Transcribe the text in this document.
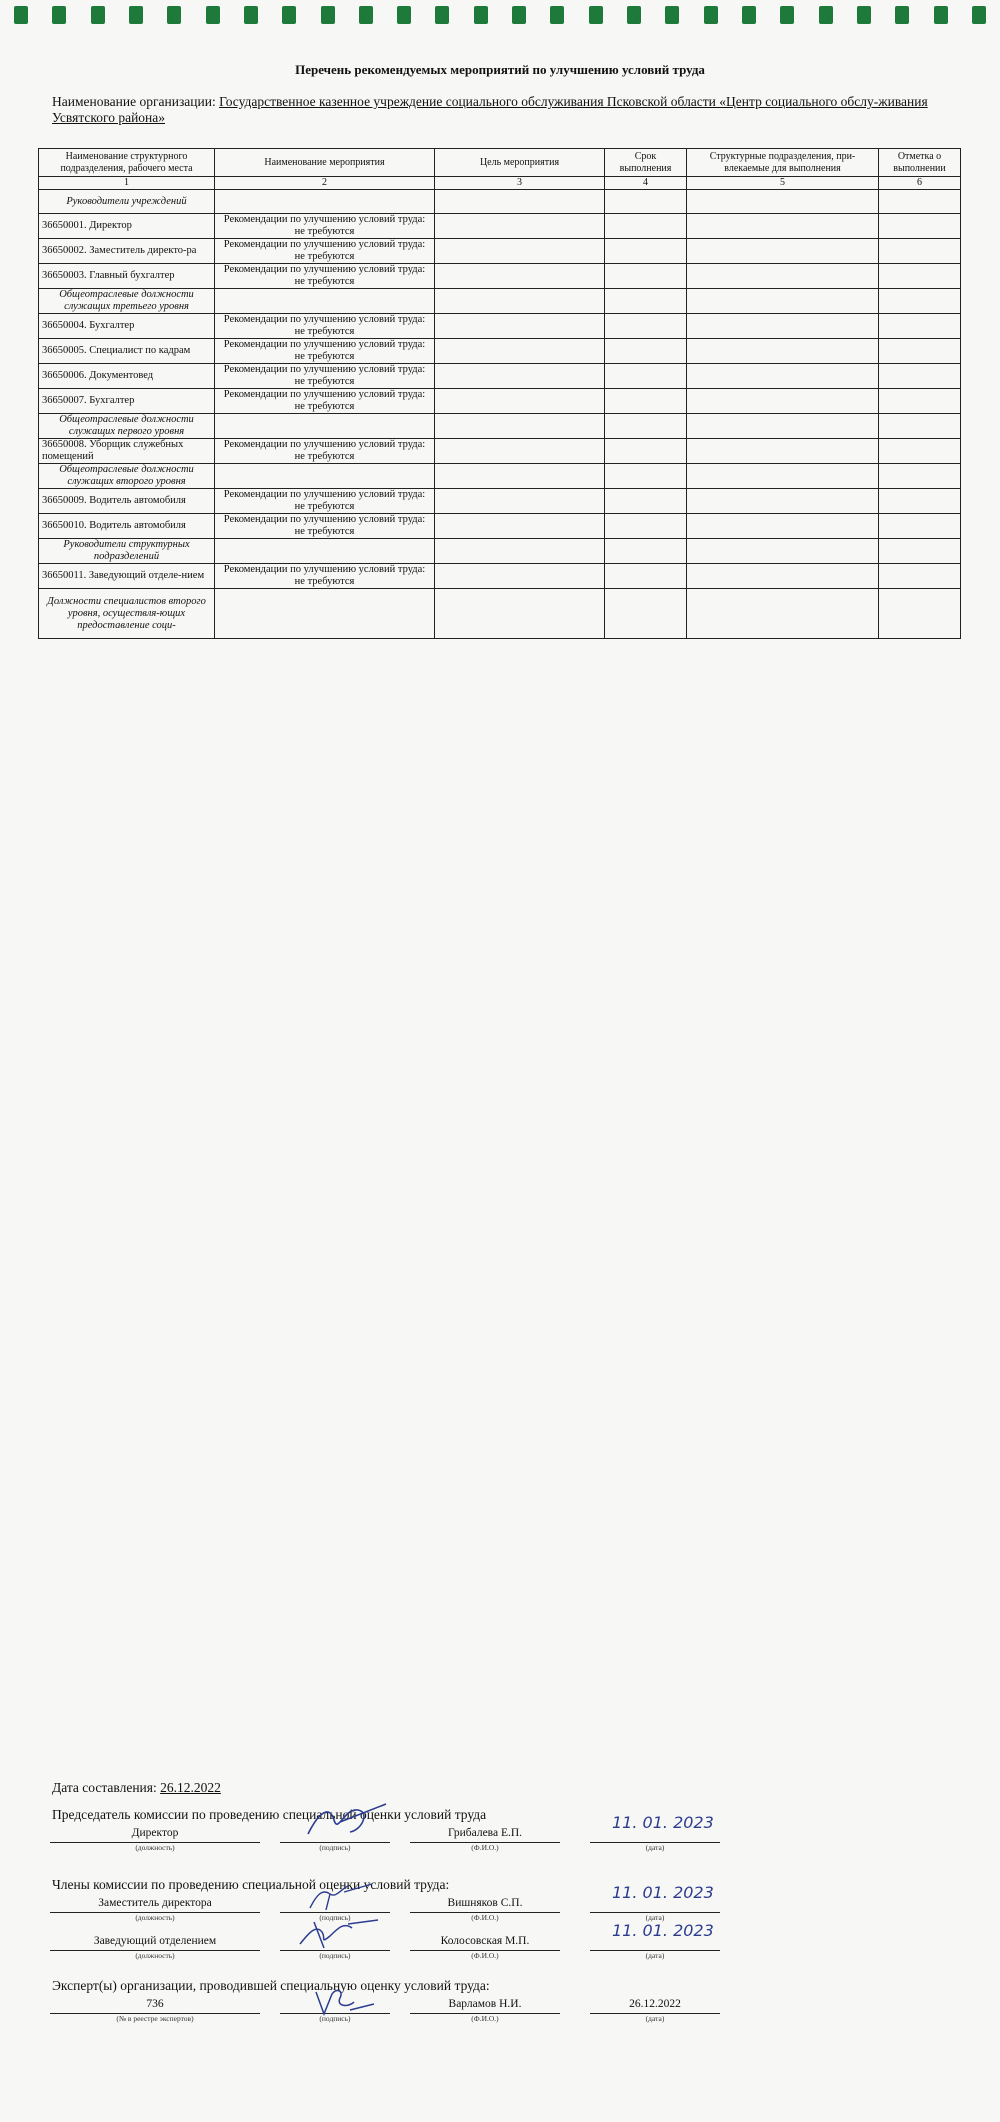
Перечень рекомендуемых мероприятий по улучшению условий труда
Наименование организации: Государственное казенное учреждение социального обслуживания Псковской области «Центр социального обслу-живания Усвятского района»
Наименование структурного подразделения, рабочего места	Наименование мероприятия	Цель мероприятия	Срок выполнения	Структурные подразделения, при-влекаемые для выполнения	Отметка о выполнении
1	2	3	4	5	6
Руководители учреждений					
36650001. Директор	Рекомендации по улучшению условий труда: не требуются				
36650002. Заместитель директо-ра	Рекомендации по улучшению условий труда: не требуются				
36650003. Главный бухгалтер	Рекомендации по улучшению условий труда: не требуются				
Общеотраслевые должности служащих третьего уровня					
36650004. Бухгалтер	Рекомендации по улучшению условий труда: не требуются				
36650005. Специалист по кадрам	Рекомендации по улучшению условий труда: не требуются				
36650006. Документовед	Рекомендации по улучшению условий труда: не требуются				
36650007. Бухгалтер	Рекомендации по улучшению условий труда: не требуются				
Общеотраслевые должности служащих первого уровня					
36650008. Уборщик служебных помещений	Рекомендации по улучшению условий труда: не требуются				
Общеотраслевые должности служащих второго уровня					
36650009. Водитель автомобиля	Рекомендации по улучшению условий труда: не требуются				
36650010. Водитель автомобиля	Рекомендации по улучшению условий труда: не требуются				
Руководители структурных подразделений					
36650011. Заведующий отделе-нием	Рекомендации по улучшению условий труда: не требуются				
Должности специалистов второго уровня, осуществля-ющих предоставление соци-					

Дата составления: 26.12.2022
Председатель комиссии по проведению специальной оценки условий труда
Директор	Грибалева Е.П.
11. 01. 2023
(должность)	(подпись)	(Ф.И.О.)	(дата)
Члены комиссии по проведению специальной оценки условий труда:
Заместитель директора	Вишняков С.П.
11. 01. 2023
(должность)	(подпись)	(Ф.И.О.)	(дата)
Заведующий отделением	Колосовская М.П.
11. 01. 2023
(должность)	(подпись)	(Ф.И.О.)	(дата)
Эксперт(ы) организации, проводившей специальную оценку условий труда:
736	Варламов Н.И.	26.12.2022
(№ в реестре экспертов)	(подпись)	(Ф.И.О.)	(дата)
